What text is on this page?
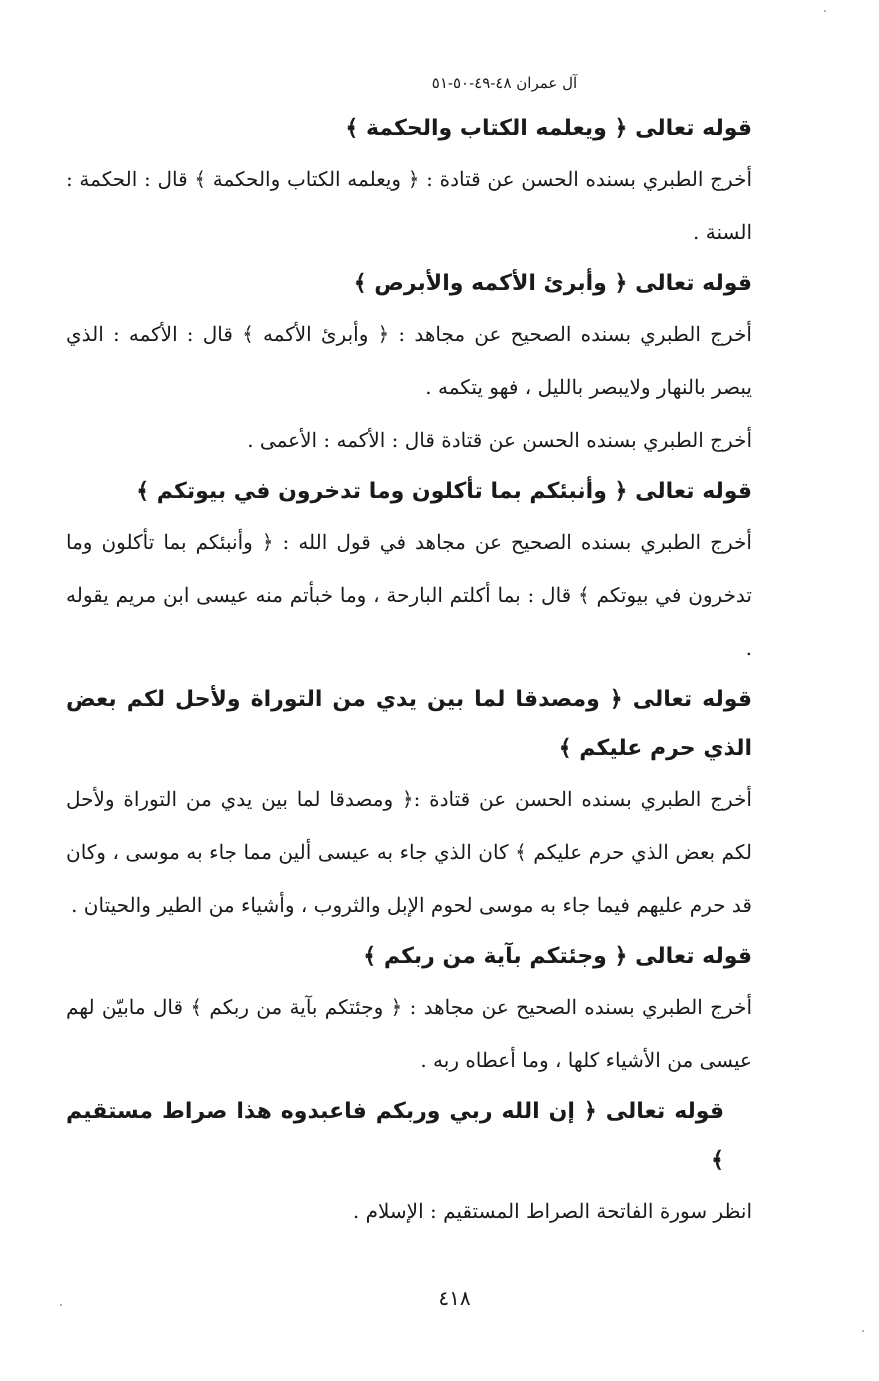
آل عمران ٤٨-٤٩-٥٠-٥١

قوله تعالى ﴿ ويعلمه الكتاب والحكمة ﴾

أخرج الطبري بسنده الحسن عن قتادة : ﴿ ويعلمه الكتاب والحكمة ﴾ قال : الحكمة : السنة .

قوله تعالى ﴿ وأبرئ الأكمه والأبرص ﴾

أخرج الطبري بسنده الصحيح عن مجاهد : ﴿ وأبرئ الأكمه ﴾ قال : الأكمه : الذي يبصر بالنهار ولايبصر بالليل ، فهو يتكمه .

أخرج الطبري بسنده الحسن عن قتادة قال : الأكمه : الأعمى .

قوله تعالى ﴿ وأنبئكم بما تأكلون وما تدخرون في بيوتكم ﴾

أخرج الطبري بسنده الصحيح عن مجاهد في قول الله : ﴿ وأنبئكم بما تأكلون وما تدخرون في بيوتكم ﴾ قال : بما أكلتم البارحة ، وما خبأتم منه عيسى ابن مريم يقوله .

قوله تعالى ﴿ ومصدقا لما بين يدي من التوراة ولأحل لكم بعض الذي حرم عليكم ﴾

أخرج الطبري بسنده الحسن عن قتادة :﴿ ومصدقا لما بين يدي من التوراة ولأحل لكم بعض الذي حرم عليكم ﴾ كان الذي جاء به عيسى ألين مما جاء به موسى ، وكان قد حرم عليهم فيما جاء به موسى لحوم الإبل والثروب ، وأشياء من الطير والحيتان .

قوله تعالى ﴿ وجئتكم بآية من ربكم ﴾

أخرج الطبري بسنده الصحيح عن مجاهد : ﴿ وجئتكم بآية من ربكم ﴾ قال مابيّن لهم عيسى من الأشياء كلها ، وما أعطاه ربه .

قوله تعالى ﴿ إن الله ربي وربكم فاعبدوه هذا صراط مستقيم ﴾

انظر سورة الفاتحة الصراط المستقيم : الإسلام .

٤١٨
